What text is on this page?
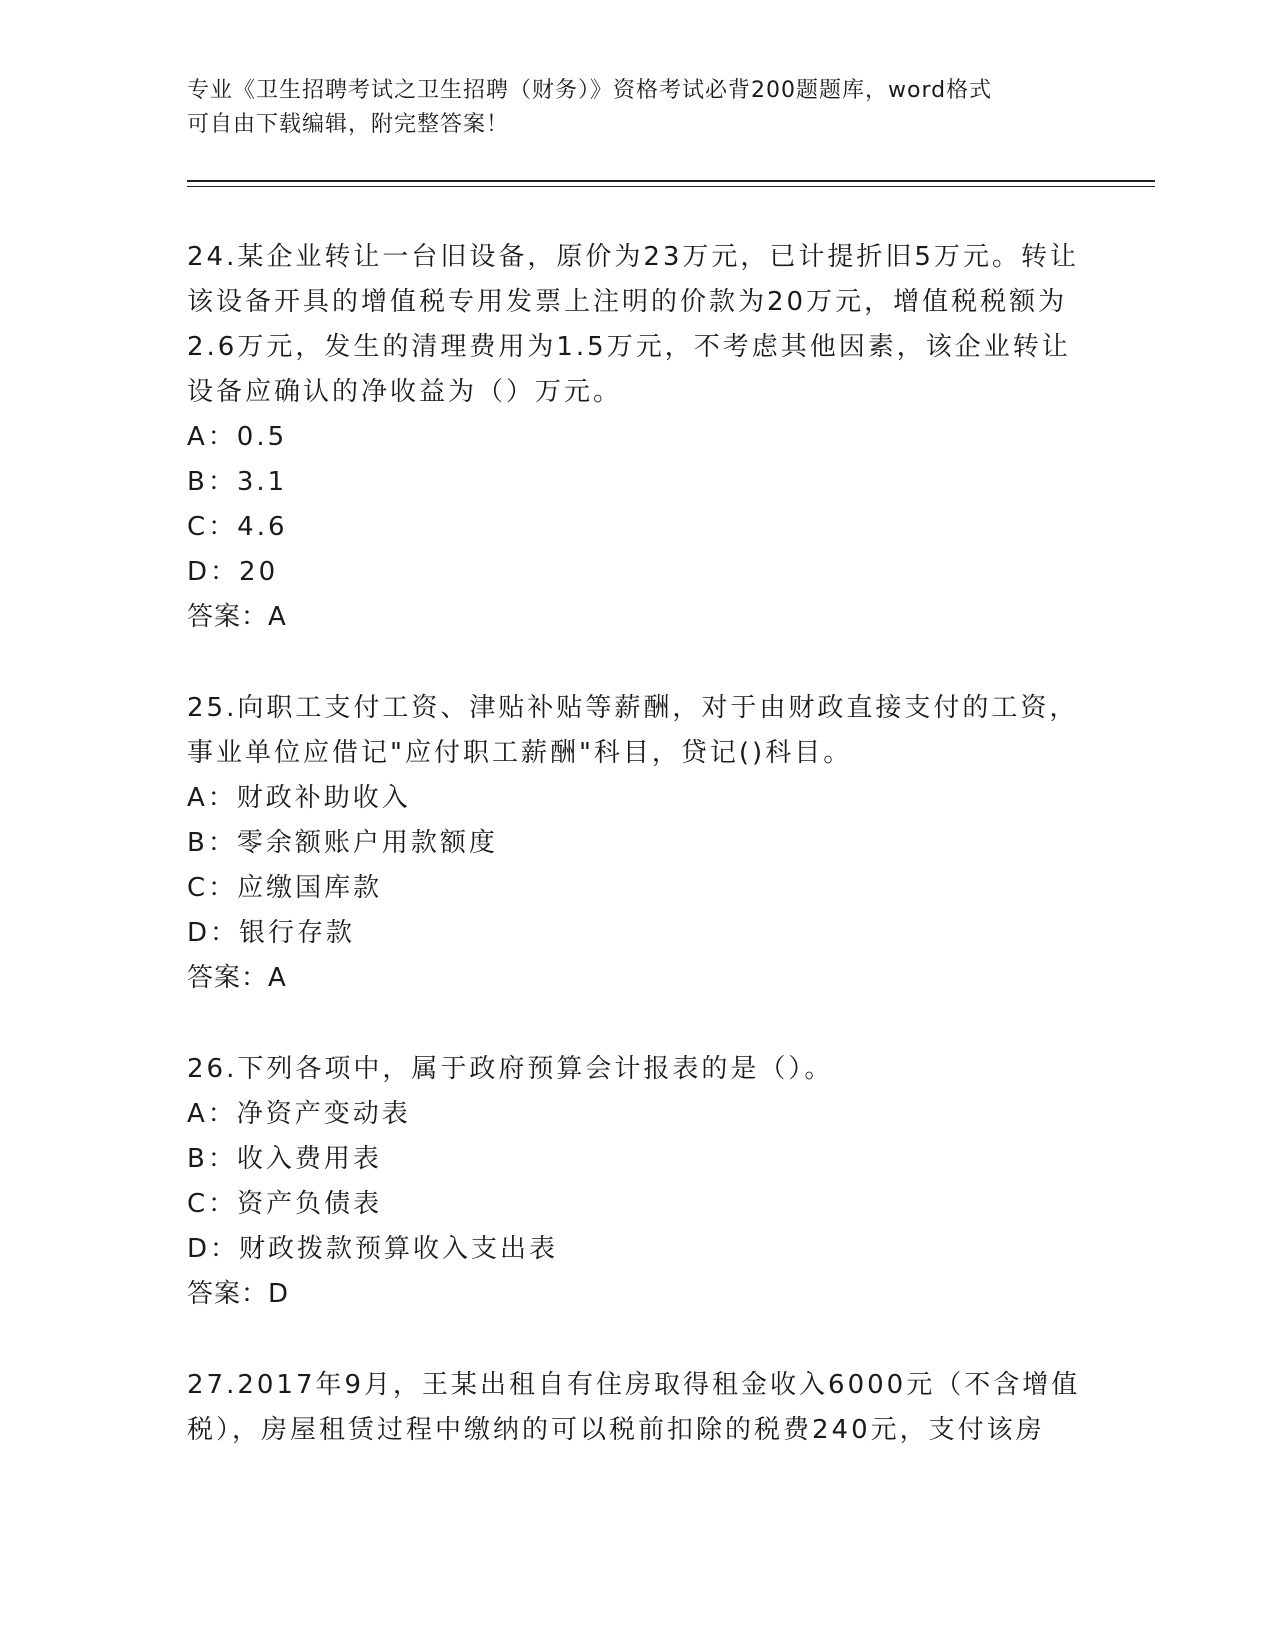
专业《卫生招聘考试之卫生招聘（财务）》资格考试必背200题题库，word格式
可自由下载编辑，附完整答案！

24.某企业转让一台旧设备，原价为23万元，已计提折旧5万元。转让该设备开具的增值税专用发票上注明的价款为20万元，增值税税额为2.6万元，发生的清理费用为1.5万元，不考虑其他因素，该企业转让设备应确认的净收益为（）万元。

A：0.5

B：3.1

C：4.6

D：20

答案：A

25.向职工支付工资、津贴补贴等薪酬，对于由财政直接支付的工资，事业单位应借记"应付职工薪酬"科目，贷记()科目。

A：财政补助收入

B：零余额账户用款额度

C：应缴国库款

D：银行存款

答案：A

26.下列各项中，属于政府预算会计报表的是（）。

A：净资产变动表

B：收入费用表

C：资产负债表

D：财政拨款预算收入支出表

答案：D

27.2017年9月，王某出租自有住房取得租金收入6000元（不含增值税），房屋租赁过程中缴纳的可以税前扣除的税费240元，支付该房
